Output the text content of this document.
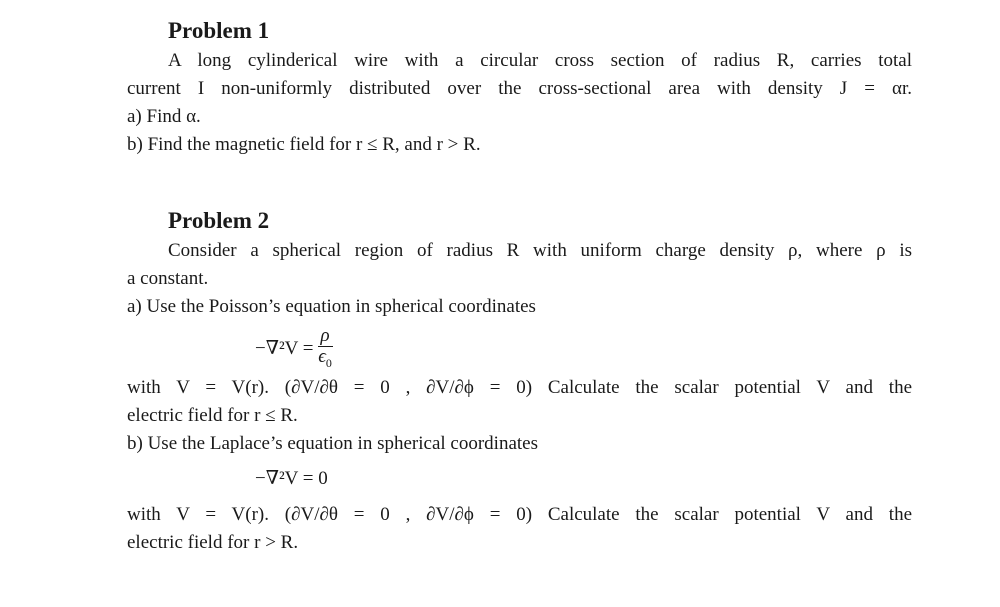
Problem 1

A long cylinderical wire with a circular cross section of radius R, carries total

current I non-uniformly distributed over the cross-sectional area with density J = αr.

a) Find α.

b) Find the magnetic field for r ≤ R, and r > R.

Problem 2

Consider a spherical region of radius R with uniform charge density ρ, where ρ is

a constant.

a) Use the Poisson’s equation in spherical coordinates

$-\nabla^2V = \frac{\rho}{\epsilon_0}$

with V = V(r). (∂V/∂θ = 0 , ∂V/∂ϕ = 0) Calculate the scalar potential V and the

electric field for r ≤ R.

b) Use the Laplace’s equation in spherical coordinates

−∇²V = 0

with V = V(r). (∂V/∂θ = 0 , ∂V/∂ϕ = 0) Calculate the scalar potential V and the

electric field for r > R.
